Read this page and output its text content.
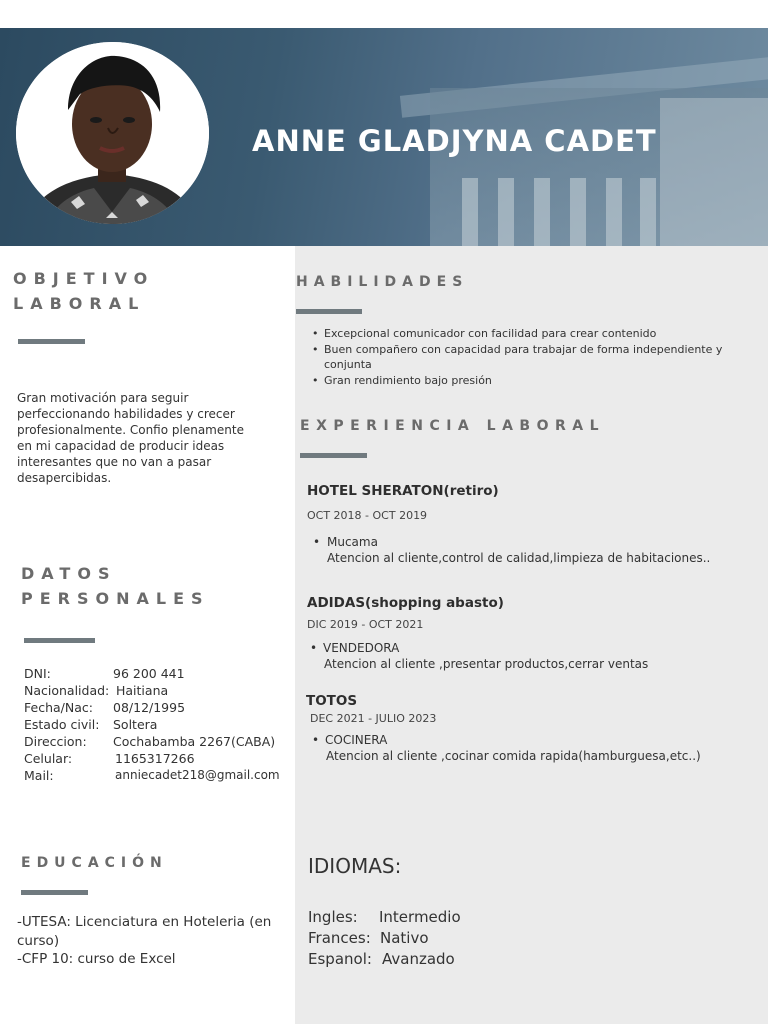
ANNE GLADJYNA CADET
OBJETIVO
LABORAL
Gran motivación para seguir perfeccionando habilidades y crecer profesionalmente. Confio plenamente en mi capacidad de producir ideas interesantes que no van a pasar desapercibidas.
DATOS
PERSONALES
DNI:	96 200 441
Nacionalidad: Haitiana
Fecha/Nac: 08/12/1995
Estado civil: Soltera
Direccion: Cochabamba 2267(CABA)
Celular:	1165317266
Mail:	anniecadet218@gmail.com
EDUCACIÓN
-UTESA: Licenciatura en Hoteleria (en curso)
-CFP 10: curso de Excel
HABILIDADES
• Excepcional comunicador con facilidad para crear contenido
• Buen compañero con capacidad para trabajar de forma independiente y conjunta
• Gran rendimiento bajo presión
EXPERIENCIA LABORAL
HOTEL SHERATON(retiro)
OCT 2018 - OCT 2019
• Mucama
Atencion al cliente,control de calidad,limpieza de habitaciones..
ADIDAS(shopping abasto)
DIC 2019 - OCT 2021
• VENDEDORA
Atencion al cliente ,presentar productos,cerrar ventas
TOTOS
DEC 2021 - JULIO 2023
• COCINERA
Atencion al cliente ,cocinar comida rapida(hamburguesa,etc..)
IDIOMAS:
Ingles: Intermedio
Frances: Nativo
Espanol: Avanzado
